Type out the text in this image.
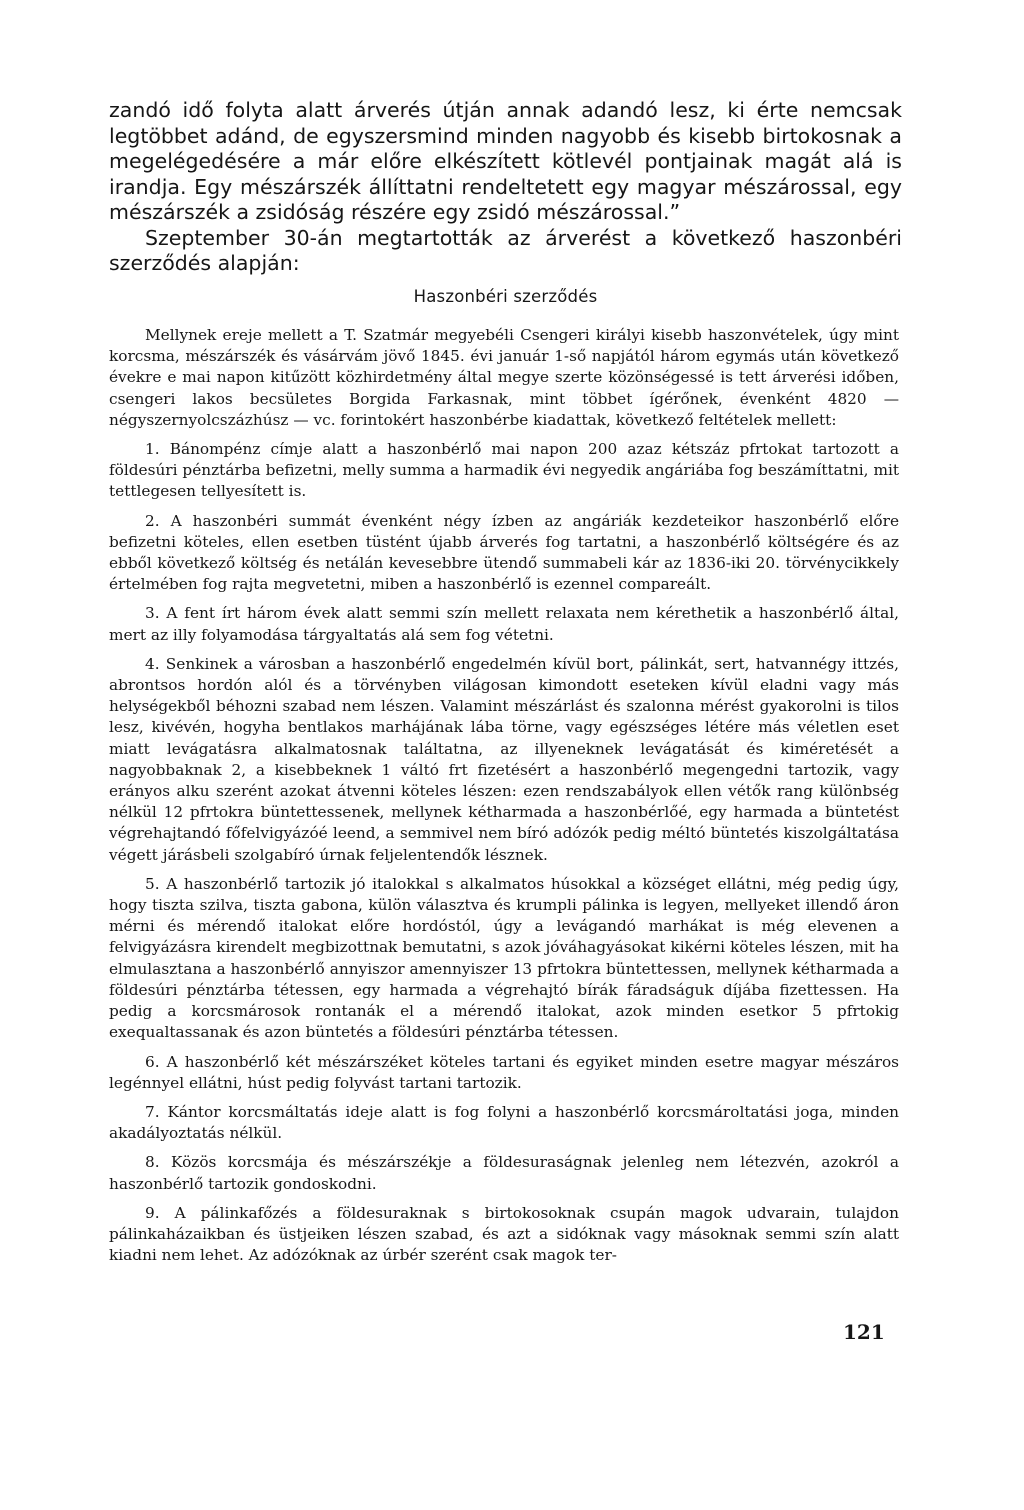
zandó idő folyta alatt árverés útján annak adandó lesz, ki érte nemcsak legtöbbet adánd, de egyszersmind minden nagyobb és kisebb birtokosnak a megelégedésére a már előre elkészített kötlevél pontjainak magát alá is irandja. Egy mészárszék állíttatni rendeltetett egy magyar mészárossal, egy mészárszék a zsidóság részére egy zsidó mészárossal.”

Szeptember 30-án megtartották az árverést a következő haszonbéri szerződés alapján:

Haszonbéri szerződés

Mellynek ereje mellett a T. Szatmár megyebéli Csengeri királyi kisebb haszonvételek, úgy mint korcsma, mészárszék és vásárvám jövő 1845. évi január 1-ső napjától három egymás után következő évekre e mai napon kitűzött közhirdetmény által megye szerte közönségessé is tett árverési időben, csengeri lakos becsületes Borgida Farkasnak, mint többet ígérőnek, évenként 4820 — négyszernyolcszázhúsz — vc. forintokért haszonbérbe kiadattak, következő feltételek mellett:

1. Bánompénz címje alatt a haszonbérlő mai napon 200 azaz kétszáz pfrtokat tartozott a földesúri pénztárba befizetni, melly summa a harmadik évi negyedik angáriába fog beszámíttatni, mit tettlegesen tellyesített is.

2. A haszonbéri summát évenként négy ízben az angáriák kezdeteikor haszonbérlő előre befizetni köteles, ellen esetben tüstént újabb árverés fog tartatni, a haszonbérlő költségére és az ebből következő költség és netálán kevesebbre ütendő summabeli kár az 1836-iki 20. törvénycikkely értelmében fog rajta megvetetni, miben a haszonbérlő is ezennel compareált.

3. A fent írt három évek alatt semmi szín mellett relaxata nem kérethetik a haszonbérlő által, mert az illy folyamodása tárgyaltatás alá sem fog vétetni.

4. Senkinek a városban a haszonbérlő engedelmén kívül bort, pálinkát, sert, hatvannégy ittzés, abrontsos hordón alól és a törvényben világosan kimondott eseteken kívül eladni vagy más helységekből béhozni szabad nem lészen. Valamint mészárlást és szalonna mérést gyakorolni is tilos lesz, kivévén, hogyha bentlakos marhájának lába törne, vagy egészséges létére más véletlen eset miatt levágatásra alkalmatosnak találtatna, az illyeneknek levágatását és kiméretését a nagyobbaknak 2, a kisebbeknek 1 váltó frt fizetésért a haszonbérlő megengedni tartozik, vagy erányos alku szerént azokat átvenni köteles lészen: ezen rendszabályok ellen vétők rang különbség nélkül 12 pfrtokra büntettessenek, mellynek kétharmada a haszonbérlőé, egy harmada a büntetést végrehajtandó főfelvigyázóé leend, a semmivel nem bíró adózók pedig méltó büntetés kiszolgáltatása végett járásbeli szolgabíró úrnak feljelentendők lésznek.

5. A haszonbérlő tartozik jó italokkal s alkalmatos húsokkal a községet ellátni, még pedig úgy, hogy tiszta szilva, tiszta gabona, külön választva és krumpli pálinka is legyen, mellyeket illendő áron mérni és mérendő italokat előre hordóstól, úgy a levágandó marhákat is még elevenen a felvigyázásra kirendelt megbizottnak bemutatni, s azok jóváhagyásokat kikérni köteles lészen, mit ha elmulasztana a haszonbérlő annyiszor amennyiszer 13 pfrtokra büntettessen, mellynek kétharmada a földesúri pénztárba tétessen, egy harmada a végrehajtó bírák fáradságuk díjába fizettessen. Ha pedig a korcsmárosok rontanák el a mérendő italokat, azok minden esetkor 5 pfrtokig exequaltassanak és azon büntetés a földesúri pénztárba tétessen.

6. A haszonbérlő két mészárszéket köteles tartani és egyiket minden esetre magyar mészáros legénnyel ellátni, húst pedig folyvást tartani tartozik.

7. Kántor korcsmáltatás ideje alatt is fog folyni a haszonbérlő korcsmároltatási joga, minden akadályoztatás nélkül.

8. Közös korcsmája és mészárszékje a földesuraságnak jelenleg nem létezvén, azokról a haszonbérlő tartozik gondoskodni.

9. A pálinkafőzés a földesuraknak s birtokosoknak csupán magok udvarain, tulajdon pálinkaházaikban és üstjeiken lészen szabad, és azt a sidóknak vagy másoknak semmi szín alatt kiadni nem lehet. Az adózóknak az úrbér szerént csak magok ter-

121
